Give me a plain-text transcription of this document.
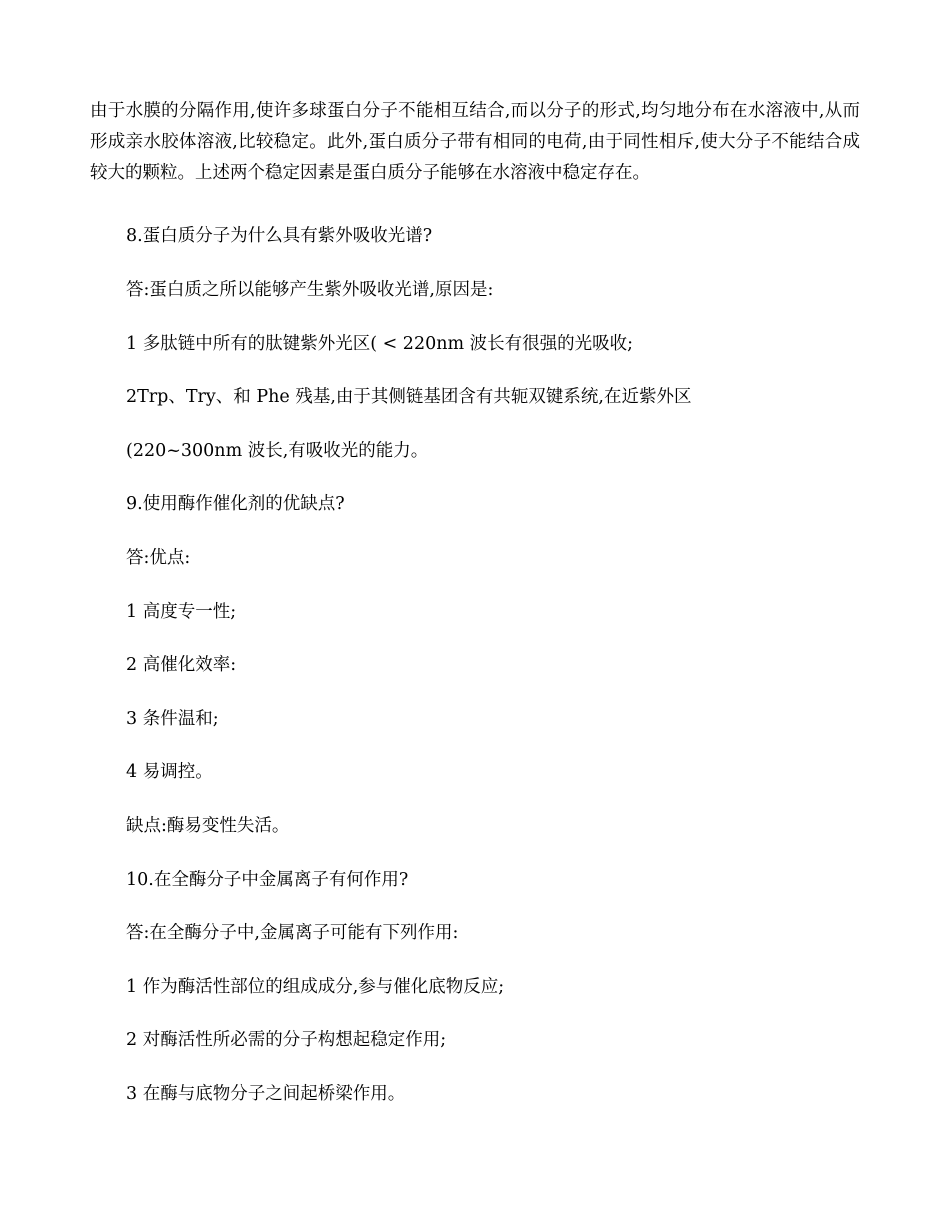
由于水膜的分隔作用,使许多球蛋白分子不能相互结合,而以分子的形式,均匀地分布在水溶液中,从而形成亲水胶体溶液,比较稳定。此外,蛋白质分子带有相同的电荷,由于同性相斥,使大分子不能结合成较大的颗粒。上述两个稳定因素是蛋白质分子能够在水溶液中稳定存在。

8.蛋白质分子为什么具有紫外吸收光谱?

答:蛋白质之所以能够产生紫外吸收光谱,原因是:

1 多肽链中所有的肽键紫外光区( < 220nm 波长有很强的光吸收;

2Trp、Try、和 Phe 残基,由于其侧链基团含有共轭双键系统,在近紫外区

(220~300nm 波长,有吸收光的能力。

9.使用酶作催化剂的优缺点?

答:优点:

1 高度专一性;

2 高催化效率:

3 条件温和;

4 易调控。

缺点:酶易变性失活。

10.在全酶分子中金属离子有何作用?

答:在全酶分子中,金属离子可能有下列作用:

1 作为酶活性部位的组成成分,参与催化底物反应;

2 对酶活性所必需的分子构想起稳定作用;

3 在酶与底物分子之间起桥梁作用。
